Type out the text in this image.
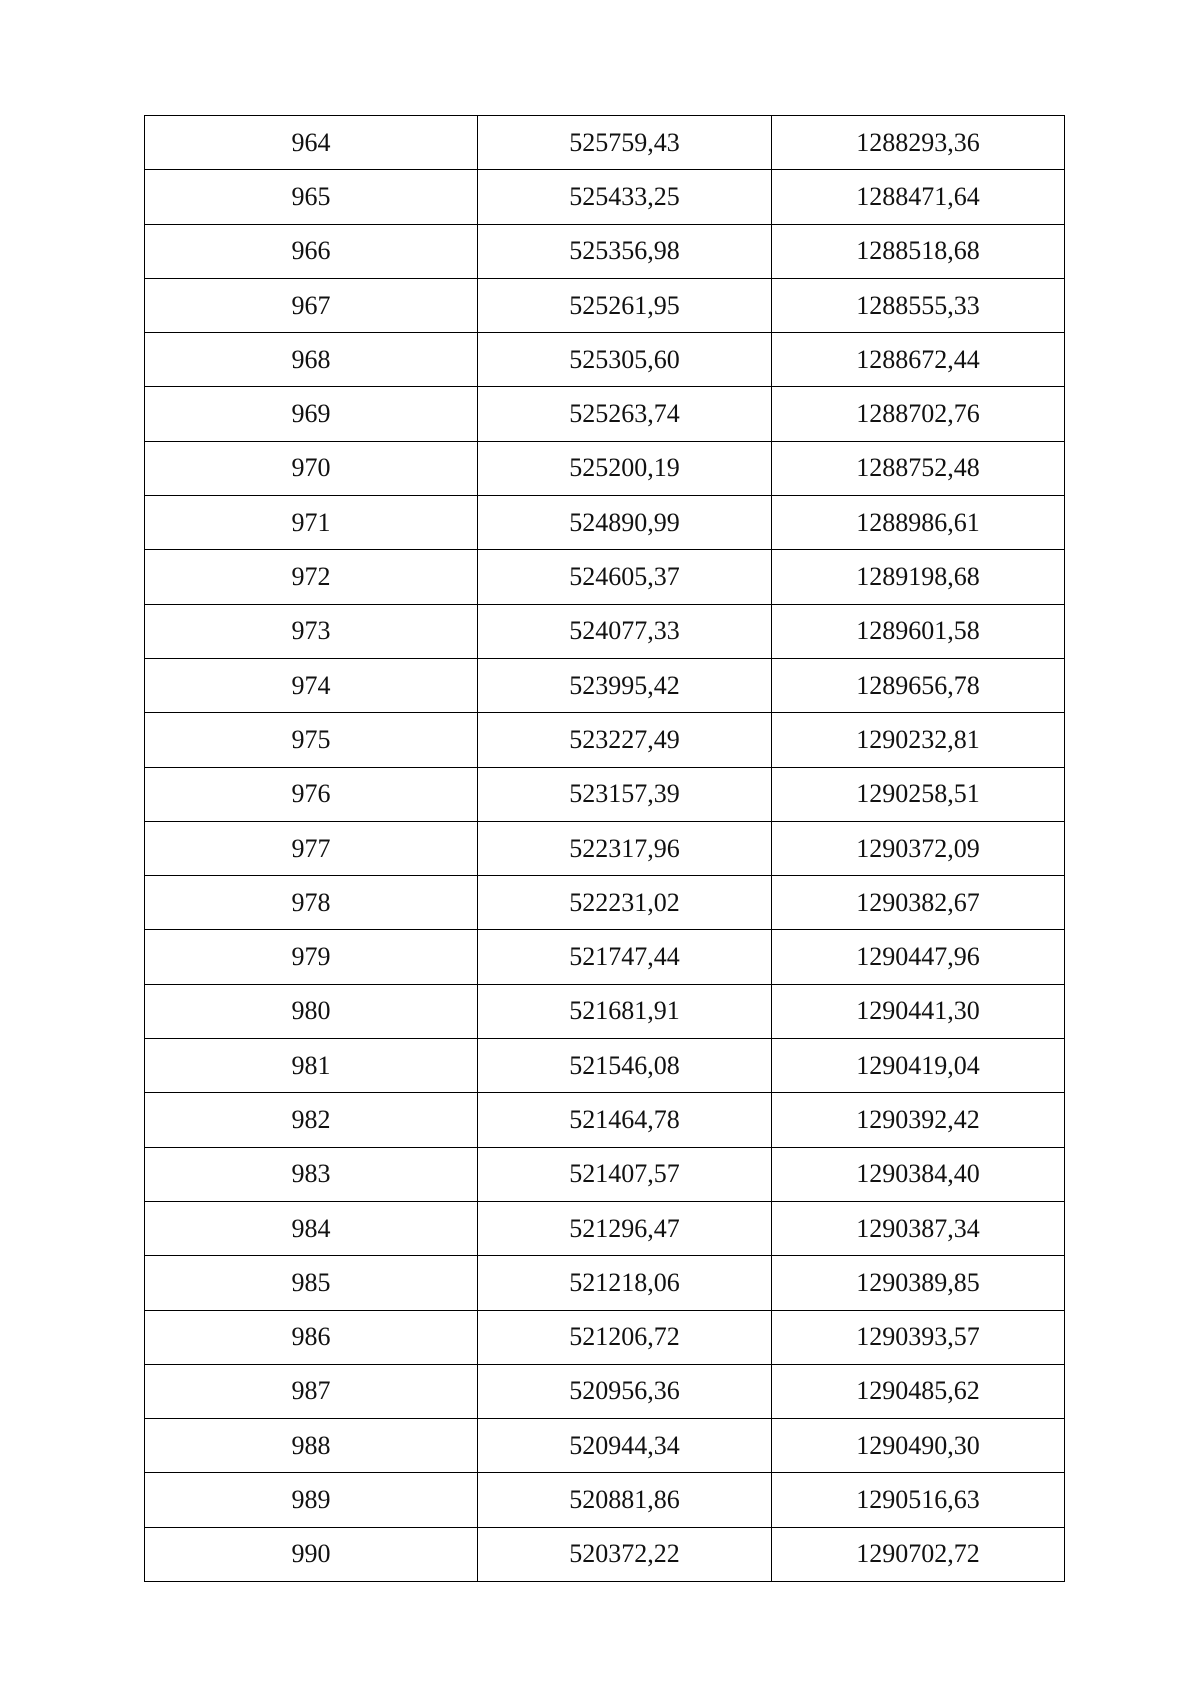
964	525759,43	1288293,36
965	525433,25	1288471,64
966	525356,98	1288518,68
967	525261,95	1288555,33
968	525305,60	1288672,44
969	525263,74	1288702,76
970	525200,19	1288752,48
971	524890,99	1288986,61
972	524605,37	1289198,68
973	524077,33	1289601,58
974	523995,42	1289656,78
975	523227,49	1290232,81
976	523157,39	1290258,51
977	522317,96	1290372,09
978	522231,02	1290382,67
979	521747,44	1290447,96
980	521681,91	1290441,30
981	521546,08	1290419,04
982	521464,78	1290392,42
983	521407,57	1290384,40
984	521296,47	1290387,34
985	521218,06	1290389,85
986	521206,72	1290393,57
987	520956,36	1290485,62
988	520944,34	1290490,30
989	520881,86	1290516,63
990	520372,22	1290702,72
